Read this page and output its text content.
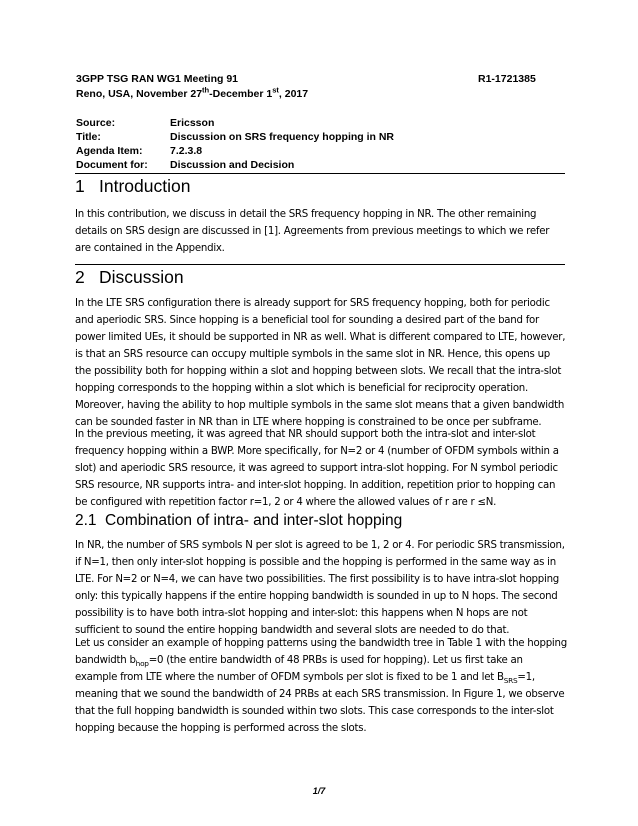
3GPP TSG RAN WG1 Meeting 91	R1-1721385
Reno, USA, November 27th-December 1st, 2017
Source:	Ericsson
Title:	Discussion on SRS frequency hopping in NR
Agenda Item:	7.2.3.8
Document for:	Discussion and Decision
1 Introduction
In this contribution, we discuss in detail the SRS frequency hopping in NR. The other remaining details on SRS design are discussed in [1]. Agreements from previous meetings to which we refer are contained in the Appendix.
2 Discussion
In the LTE SRS configuration there is already support for SRS frequency hopping, both for periodic and aperiodic SRS. Since hopping is a beneficial tool for sounding a desired part of the band for power limited UEs, it should be supported in NR as well. What is different compared to LTE, however, is that an SRS resource can occupy multiple symbols in the same slot in NR. Hence, this opens up the possibility both for hopping within a slot and hopping between slots. We recall that the intra-slot hopping corresponds to the hopping within a slot which is beneficial for reciprocity operation. Moreover, having the ability to hop multiple symbols in the same slot means that a given bandwidth can be sounded faster in NR than in LTE where hopping is constrained to be once per subframe.
In the previous meeting, it was agreed that NR should support both the intra-slot and inter-slot frequency hopping within a BWP. More specifically, for N=2 or 4 (number of OFDM symbols within a slot) and aperiodic SRS resource, it was agreed to support intra-slot hopping. For N symbol periodic SRS resource, NR supports intra- and inter-slot hopping. In addition, repetition prior to hopping can be configured with repetition factor r=1, 2 or 4 where the allowed values of r are r ≤N.
2.1 Combination of intra- and inter-slot hopping
In NR, the number of SRS symbols N per slot is agreed to be 1, 2 or 4. For periodic SRS transmission, if N=1, then only inter-slot hopping is possible and the hopping is performed in the same way as in LTE. For N=2 or N=4, we can have two possibilities. The first possibility is to have intra-slot hopping only: this typically happens if the entire hopping bandwidth is sounded in up to N hops. The second possibility is to have both intra-slot hopping and inter-slot: this happens when N hops are not sufficient to sound the entire hopping bandwidth and several slots are needed to do that.
Let us consider an example of hopping patterns using the bandwidth tree in Table 1 with the hopping bandwidth $b_{hop}=0$ (the entire bandwidth of 48 PRBs is used for hopping). Let us first take an example from LTE where the number of OFDM symbols per slot is fixed to be 1 and let $B_{SRS}=1$, meaning that we sound the bandwidth of 24 PRBs at each SRS transmission. In Figure 1, we observe that the full hopping bandwidth is sounded within two slots. This case corresponds to the inter-slot hopping because the hopping is performed across the slots.
1/7
